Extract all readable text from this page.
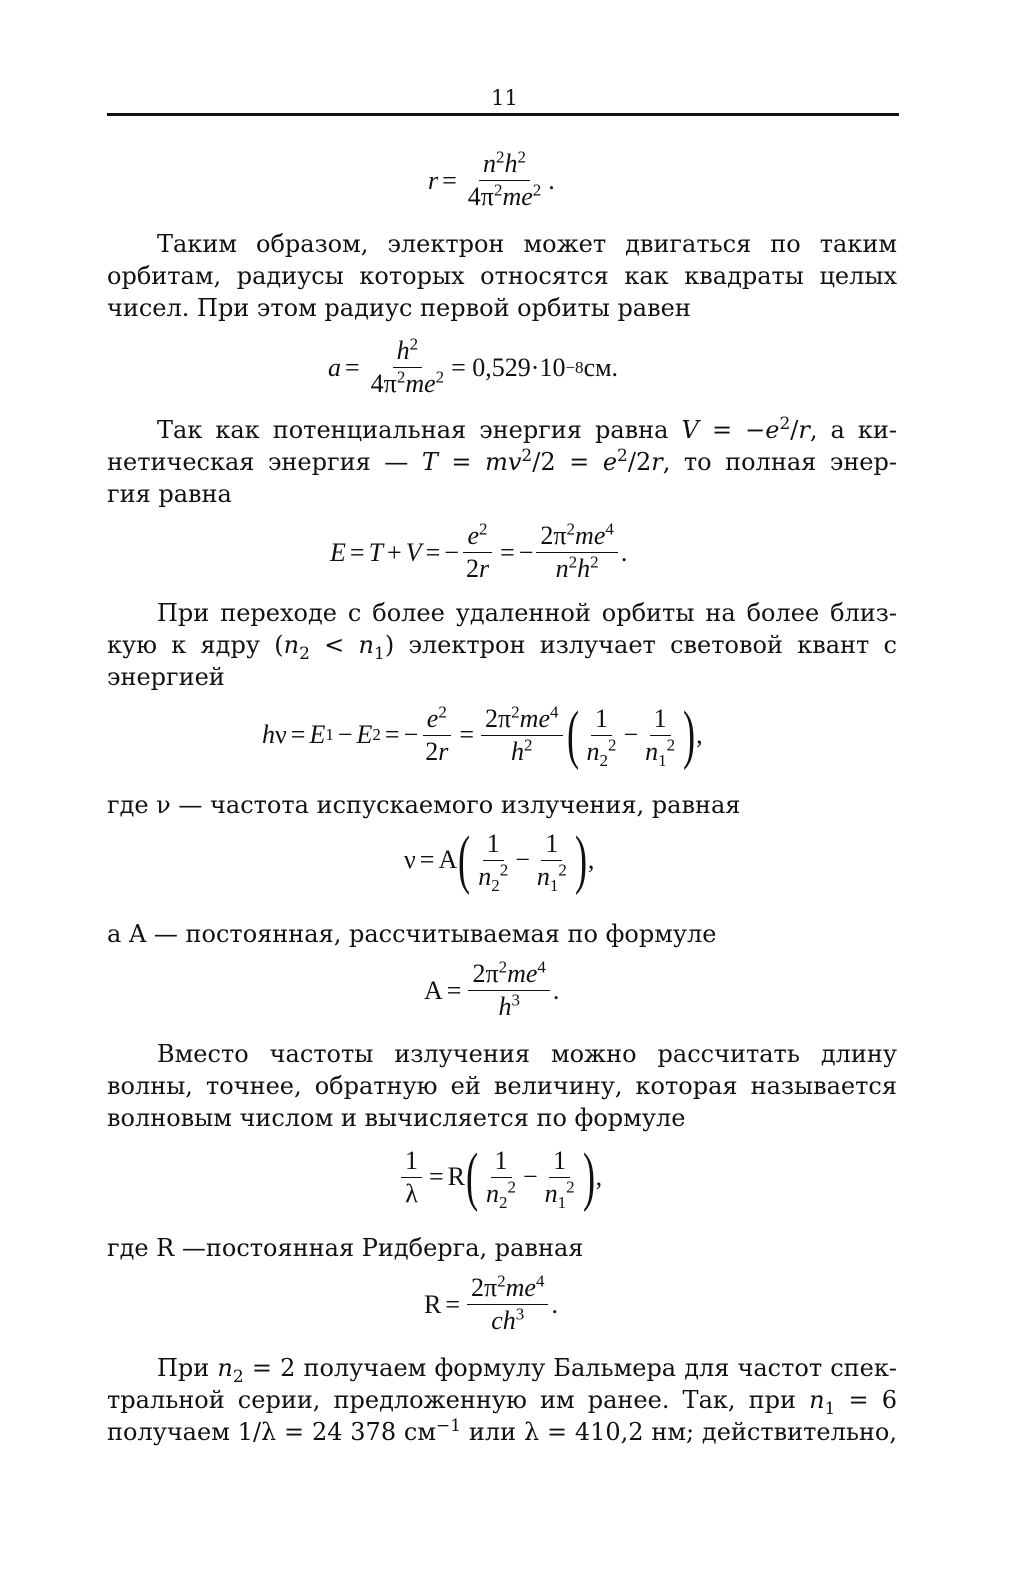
11
$r = \frac{n^2h^2}{4\pi^2me^2}$ .

Таким образом, электрон может двигаться по таким
орбитам, радиусы которых относятся как квадраты целых
чисел. При этом радиус первой орбиты равен

$a = \frac{h^2}{4\pi^2me^2} = 0,529\cdot 10 -8$ см.

Так как потенциальная энергия равна $V = -e^2/r$, а ки-
нетическая энергия — $T = mv^2/2 = e^2/2r$, то полная энер-
гия равна

E = T + V = − $\frac{e^2}{2r}$ = − $\frac{2\pi^2me^4}{n^2h^2}$ .

При переходе с более удаленной орбиты на более близ-
кую к ядру $(n_2 < n_1)$ электрон излучает световой квант с
энергией

h ν = E 1 − E 2 = − $\frac{e^2}{2r} = \frac{2\pi^2me^4}{h^2}$ ( $\frac{1}{n_2^2} - \frac{1}{n_1^2}$ ) ,

где ν — частота испускаемого излучения, равная

ν = A ( $\frac{1}{n_2^2} - \frac{1}{n_1^2}$ ) ,

а A — постоянная, рассчитываемая по формуле

$A = \frac{2\pi^2me^4}{h^3}$ .

Вместо частоты излучения можно рассчитать длину
волны, точнее, обратную ей величину, которая называется
волновым числом и вычисляется по формуле

$\frac{1}{\lambda} = R$ ( $\frac{1}{n_2^2} - \frac{1}{n_1^2}$ ) ,

где R —постоянная Ридберга, равная

$R = \frac{2\pi^2me^4}{ch^3}$ .

При $n_2 = 2$ получаем формулу Бальмера для частот спек-
тральной серии, предложенную им ранее. Так, при $n_1 = 6$
получаем 1/λ = 24 378 $см^{-1}$ или λ = 410,2 нм; действительно,
